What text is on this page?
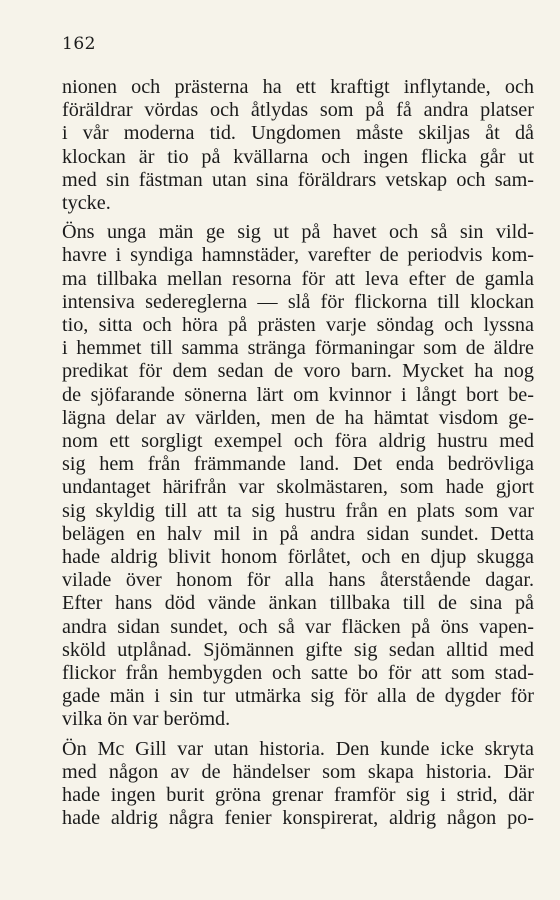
162
nionen och prästerna ha ett kraftigt inflytande, och
föräldrar vördas och åtlydas som på få andra platser
i vår moderna tid. Ungdomen måste skiljas åt då
klockan är tio på kvällarna och ingen flicka går ut
med sin fästman utan sina föräldrars vetskap och sam-
tycke.
Öns unga män ge sig ut på havet och så sin vild-
havre i syndiga hamnstäder, varefter de periodvis kom-
ma tillbaka mellan resorna för att leva efter de gamla
intensiva sedereglerna — slå för flickorna till klockan
tio, sitta och höra på prästen varje söndag och lyssna
i hemmet till samma stränga förmaningar som de äldre
predikat för dem sedan de voro barn. Mycket ha nog
de sjöfarande sönerna lärt om kvinnor i långt bort be-
lägna delar av världen, men de ha hämtat visdom ge-
nom ett sorgligt exempel och föra aldrig hustru med
sig hem från främmande land. Det enda bedrövliga
undantaget härifrån var skolmästaren, som hade gjort
sig skyldig till att ta sig hustru från en plats som var
belägen en halv mil in på andra sidan sundet. Detta
hade aldrig blivit honom förlåtet, och en djup skugga
vilade över honom för alla hans återstående dagar.
Efter hans död vände änkan tillbaka till de sina på
andra sidan sundet, och så var fläcken på öns vapen-
sköld utplånad. Sjömännen gifte sig sedan alltid med
flickor från hembygden och satte bo för att som stad-
gade män i sin tur utmärka sig för alla de dygder för
vilka ön var berömd.
Ön Mc Gill var utan historia. Den kunde icke skryta
med någon av de händelser som skapa historia. Där
hade ingen burit gröna grenar framför sig i strid, där
hade aldrig några fenier konspirerat, aldrig någon po-
